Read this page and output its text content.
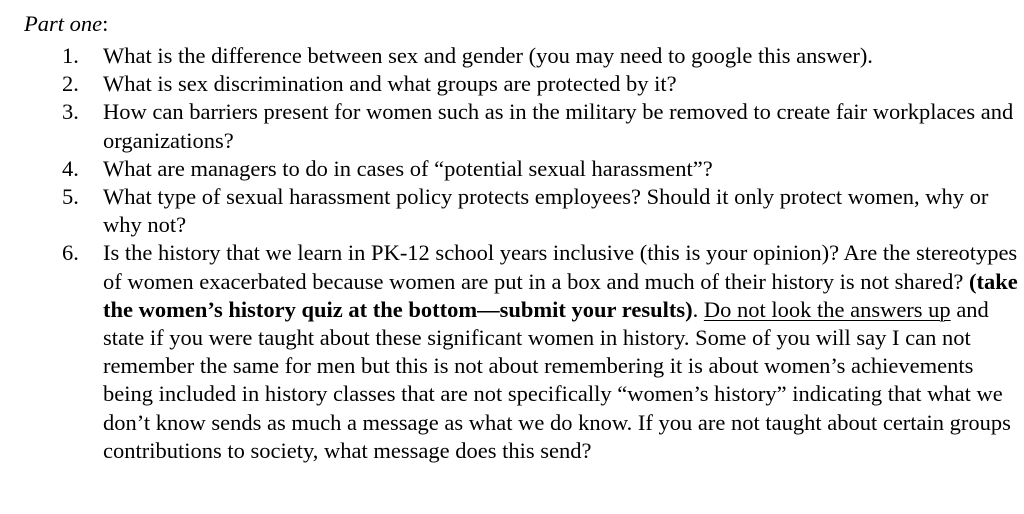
Part one:
1. What is the difference between sex and gender (you may need to google this answer).
2. What is sex discrimination and what groups are protected by it?
3. How can barriers present for women such as in the military be removed to create fair workplaces and organizations?
4. What are managers to do in cases of “potential sexual harassment”?
5. What type of sexual harassment policy protects employees? Should it only protect women, why or why not?
6. Is the history that we learn in PK-12 school years inclusive (this is your opinion)? Are the stereotypes of women exacerbated because women are put in a box and much of their history is not shared? (take the women’s history quiz at the bottom—submit your results). Do not look the answers up and state if you were taught about these significant women in history. Some of you will say I can not remember the same for men but this is not about remembering it is about women’s achievements being included in history classes that are not specifically “women’s history” indicating that what we don’t know sends as much a message as what we do know. If you are not taught about certain groups contributions to society, what message does this send?
